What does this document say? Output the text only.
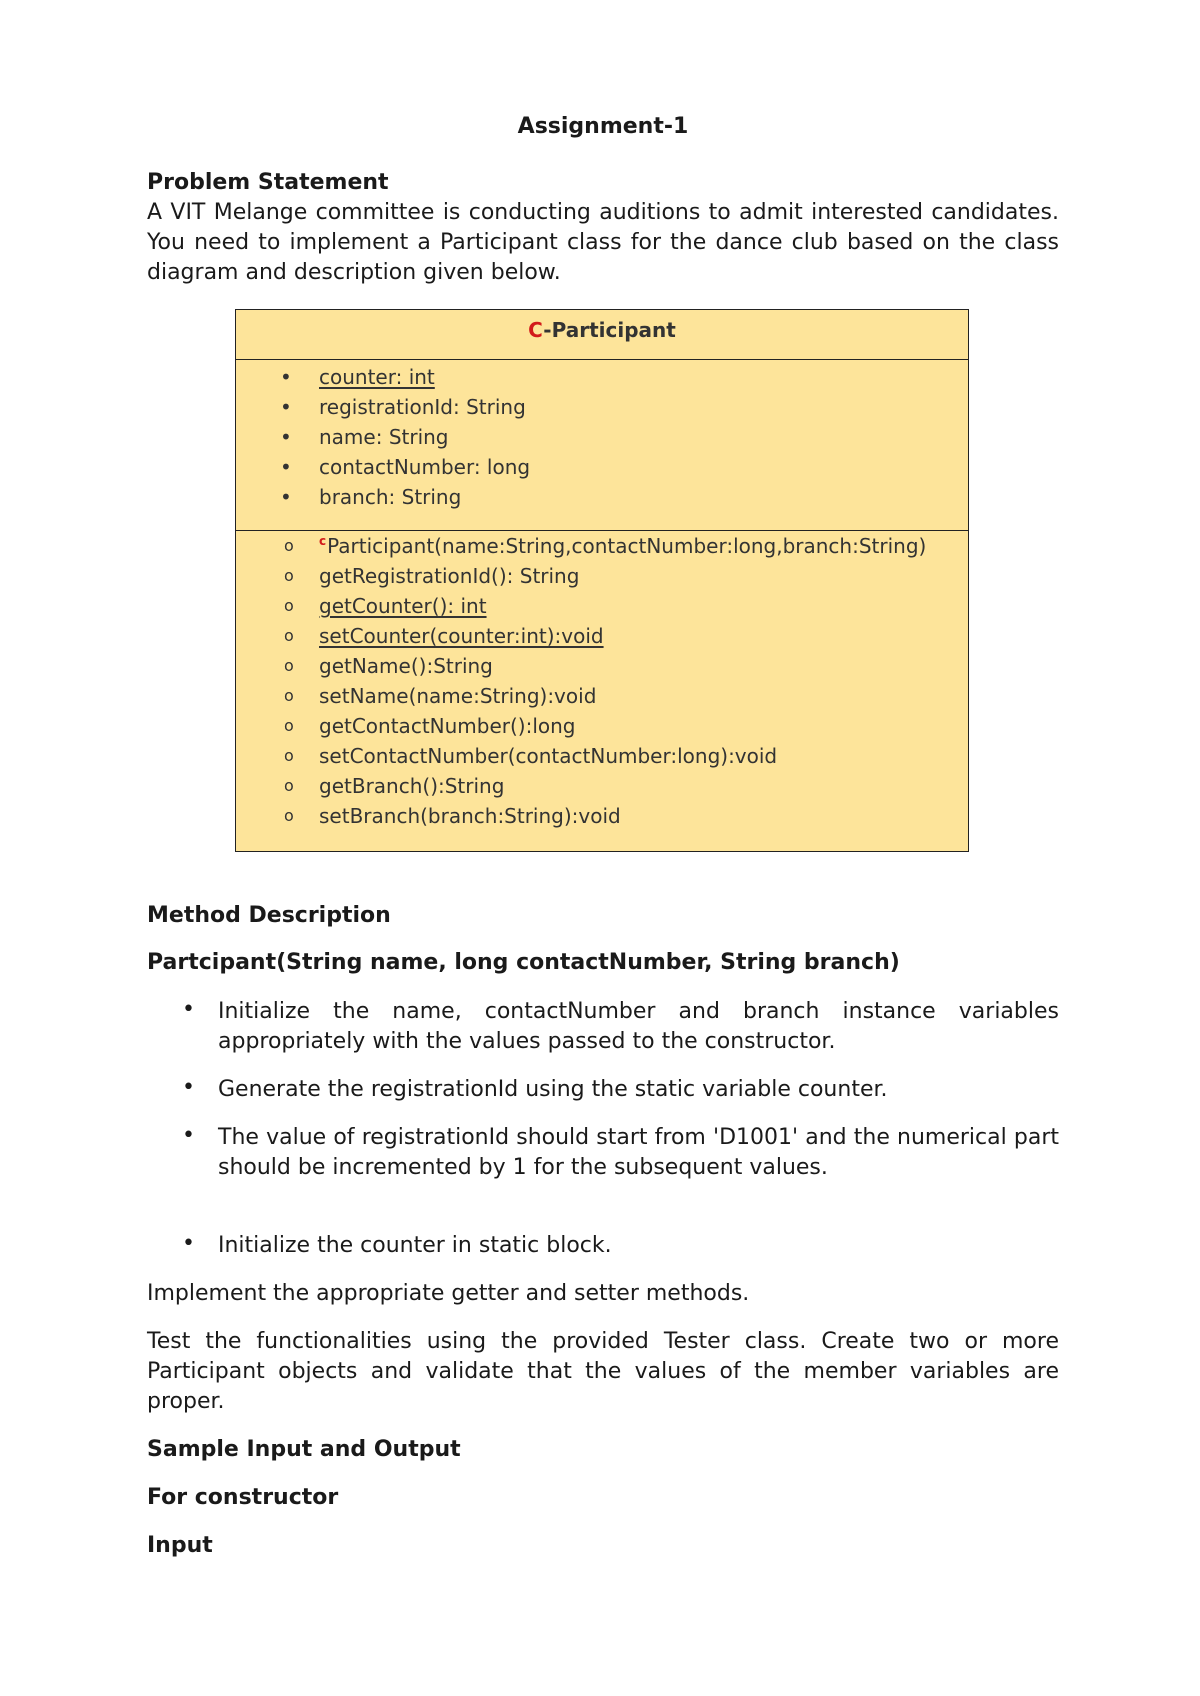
Assignment-1
Problem Statement
A VIT Melange committee is conducting auditions to admit interested candidates. You need to implement a Participant class for the dance club based on the class diagram and description given below.
C-Participant
• counter: int
• registrationId: String
• name: String
• contactNumber: long
• branch: String
o $^c$Participant(name:String,contactNumber:long,branch:String)
o getRegistrationId(): String
o getCounter(): int
o setCounter(counter:int):void
o getName():String
o setName(name:String):void
o getContactNumber():long
o setContactNumber(contactNumber:long):void
o getBranch():String
o setBranch(branch:String):void
Method Description
Partcipant(String name, long contactNumber, String branch)
• Initialize the name, contactNumber and branch instance variables appropriately with the values passed to the constructor.
• Generate the registrationId using the static variable counter.
• The value of registrationId should start from 'D1001' and the numerical part should be incremented by 1 for the subsequent values.
• Initialize the counter in static block.
Implement the appropriate getter and setter methods.
Test the functionalities using the provided Tester class. Create two or more Participant objects and validate that the values of the member variables are proper.
Sample Input and Output
For constructor
Input
